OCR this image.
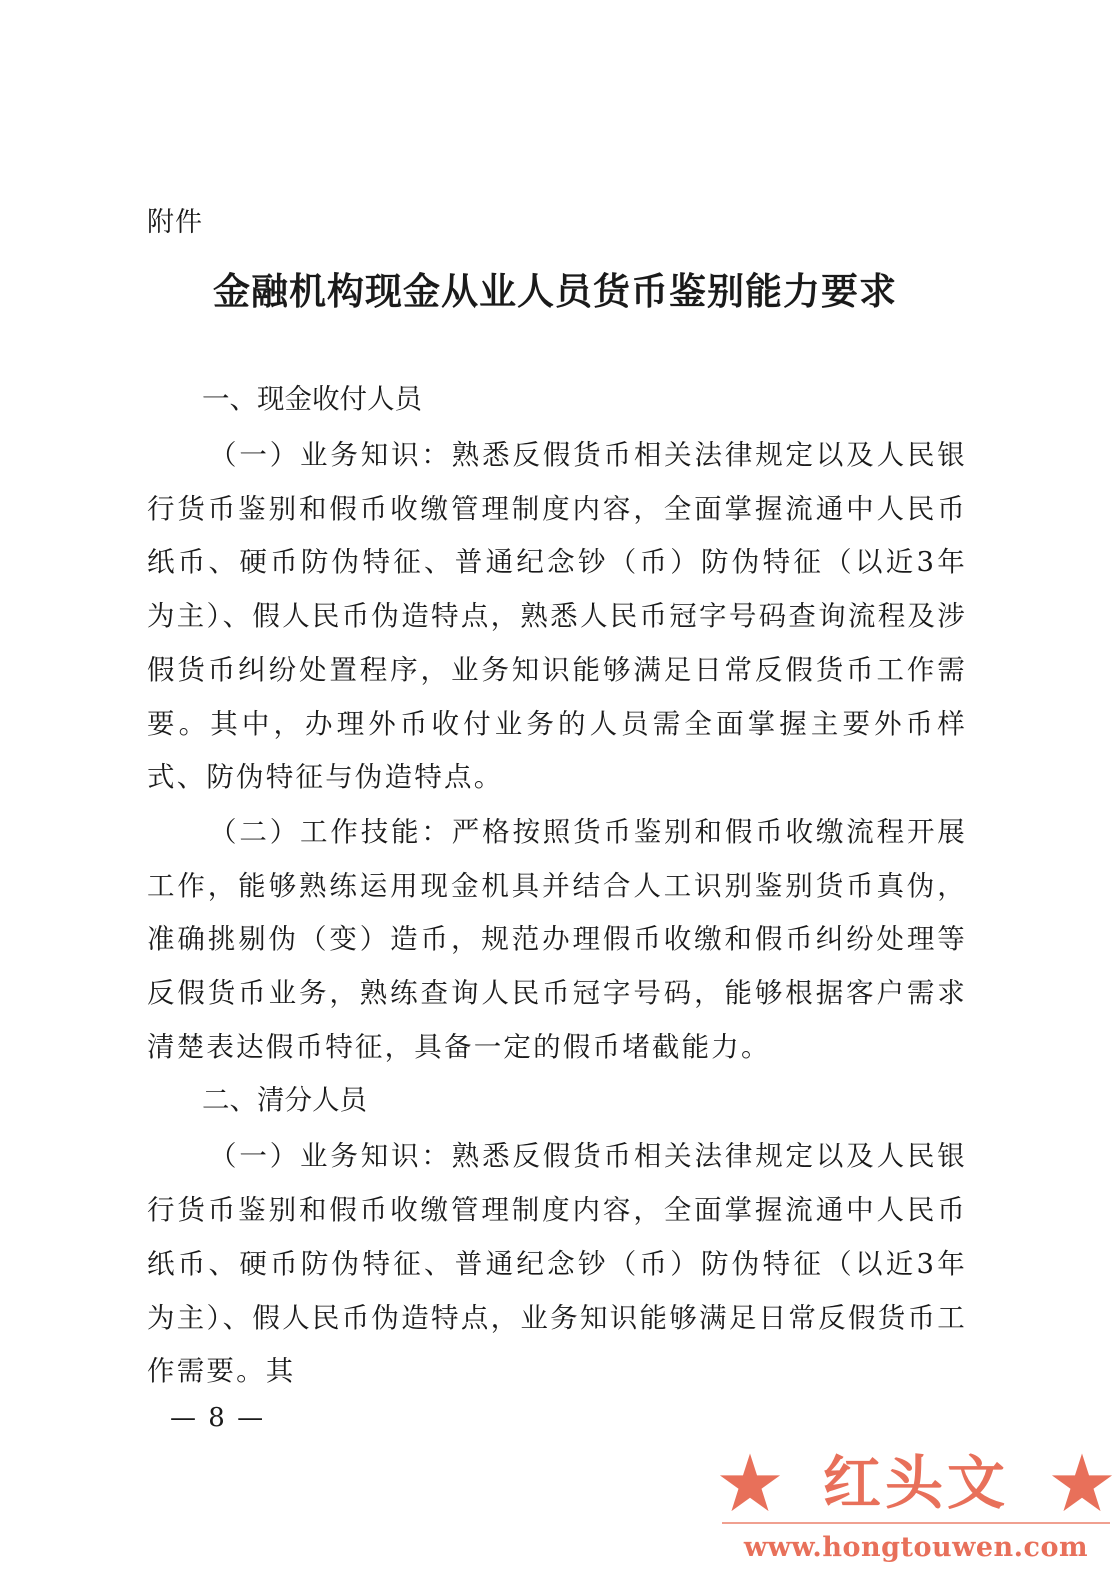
附件
金融机构现金从业人员货币鉴别能力要求
一、现金收付人员

（一）业务知识：熟悉反假货币相关法律规定以及人民银行货币鉴别和假币收缴管理制度内容，全面掌握流通中人民币纸币、硬币防伪特征、普通纪念钞（币）防伪特征（以近3年为主）、假人民币伪造特点，熟悉人民币冠字号码查询流程及涉假货币纠纷处置程序，业务知识能够满足日常反假货币工作需要。其中，办理外币收付业务的人员需全面掌握主要外币样式、防伪特征与伪造特点。

（二）工作技能：严格按照货币鉴别和假币收缴流程开展工作，能够熟练运用现金机具并结合人工识别鉴别货币真伪，准确挑剔伪（变）造币，规范办理假币收缴和假币纠纷处理等反假货币业务，熟练查询人民币冠字号码，能够根据客户需求清楚表达假币特征，具备一定的假币堵截能力。

二、清分人员

（一）业务知识：熟悉反假货币相关法律规定以及人民银行货币鉴别和假币收缴管理制度内容，全面掌握流通中人民币纸币、硬币防伪特征、普通纪念钞（币）防伪特征（以近3年为主）、假人民币伪造特点，业务知识能够满足日常反假货币工作需要。其

— 8 —
红头文
www.hongtouwen.com
